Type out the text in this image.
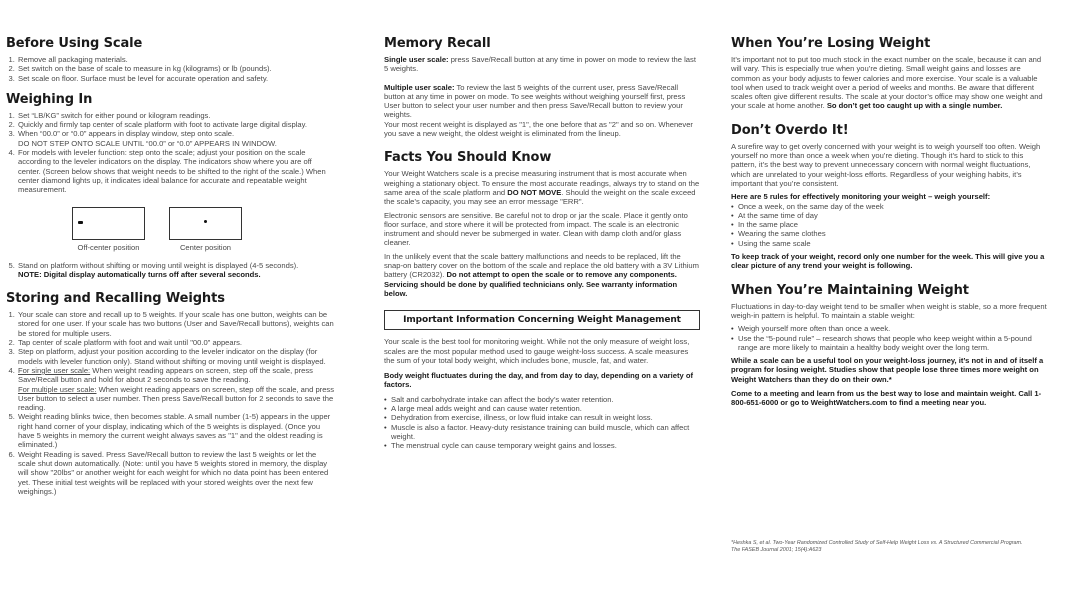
Before Using Scale
1. Remove all packaging materials.
2. Set switch on the base of scale to measure in kg (kilograms) or lb (pounds).
3. Set scale on floor. Surface must be level for accurate operation and safety.
Weighing In
1. Set “LB/KG” switch for either pound or kilogram readings.
2. Quickly and firmly tap center of scale platform with foot to activate large digital display.
3. When “00.0” or “0.0” appears in display window, step onto scale.
DO NOT STEP ONTO SCALE UNTIL “00.0” or “0.0” APPEARS IN WINDOW.
4. For models with leveler function: step onto the scale; adjust your position on the scale according to the leveler indicators on the display. The indicators show where you are off center. (Screen below shows that weight needs to be shifted to the right of the scale.) When center diamond lights up, it indicates ideal balance for accurate and repeatable weight measurement.
Off-center position	Center position
5. Stand on platform without shifting or moving until weight is displayed (4-5 seconds).
NOTE: Digital display automatically turns off after several seconds.
Storing and Recalling Weights
1. Your scale can store and recall up to 5 weights. If your scale has one button, weights can be stored for one user. If your scale has two buttons (User and Save/Recall buttons), weights can be stored for multiple users.
2. Tap center of scale platform with foot and wait until "00.0" appears.
3. Step on platform, adjust your position according to the leveler indicator on the display (for models with leveler function only). Stand without shifting or moving until weight is displayed.
4. For single user scale: When weight reading appears on screen, step off the scale, press Save/Recall button and hold for about 2 seconds to save the reading.
For multiple user scale: When weight reading appears on screen, step off the scale, and press User button to select a user number. Then press Save/Recall button for 2 seconds to save the reading.
5. Weight reading blinks twice, then becomes stable. A small number (1-5) appears in the upper right hand corner of your display, indicating which of the 5 weights is displayed. (Once you have 5 weights in memory the current weight always saves as "1" and the oldest reading is eliminated.)
6. Weight Reading is saved. Press Save/Recall button to review the last 5 weights or let the scale shut down automatically. (Note: until you have 5 weights stored in memory, the display will show "20lbs" or another weight for each weight for which no data point has been entered yet. These initial test weights will be replaced with your stored weights over the next few weighings.)
Memory Recall

Single user scale: press Save/Recall button at any time in power on mode to review the last 5 weights.

Multiple user scale: To review the last 5 weights of the current user, press Save/Recall button at any time in power on mode. To see weights without weighing yourself first, press User button to select your user number and then press Save/Recall button to review your weights.

Your most recent weight is displayed as "1", the one before that as "2" and so on. Whenever you save a new weight, the oldest weight is eliminated from the lineup.

Facts You Should Know

Your Weight Watchers scale is a precise measuring instrument that is most accurate when weighing a stationary object. To ensure the most accurate readings, always try to stand on the same area of the scale platform and DO NOT MOVE. Should the weight on the scale exceed the scale’s capacity, you may see an error message "ERR".

Electronic sensors are sensitive. Be careful not to drop or jar the scale. Place it gently onto floor surface, and store where it will be protected from impact. The scale is an electronic instrument and should never be submerged in water. Clean with damp cloth and/or glass cleaner.

In the unlikely event that the scale battery malfunctions and needs to be replaced, lift the snap-on battery cover on the bottom of the scale and replace the old battery with a 3V Lithium battery (CR2032). Do not attempt to open the scale or to remove any components. Servicing should be done by qualified technicians only. See warranty information below.

Important Information Concerning Weight Management

Your scale is the best tool for monitoring weight. While not the only measure of weight loss, scales are the most popular method used to gauge weight-loss success. A scale measures the sum of your total body weight, which includes bone, muscle, fat, and water.

Body weight fluctuates during the day, and from day to day, depending on a variety of factors.

• Salt and carbohydrate intake can affect the body’s water retention.
• A large meal adds weight and can cause water retention.
• Dehydration from exercise, illness, or low fluid intake can result in weight loss.
• Muscle is also a factor. Heavy-duty resistance training can build muscle, which can affect weight.
• The menstrual cycle can cause temporary weight gains and losses.
When You’re Losing Weight

It’s important not to put too much stock in the exact number on the scale, because it can and will vary. This is especially true when you’re dieting. Small weight gains and losses are common as your body adjusts to fewer calories and more exercise. Your scale is a valuable tool when used to track weight over a period of weeks and months. Be aware that different scales often give different results. The scale at your doctor’s office may show one weight and your scale at home another. So don’t get too caught up with a single number.

Don’t Overdo It!

A surefire way to get overly concerned with your weight is to weigh yourself too often. Weigh yourself no more than once a week when you’re dieting. Though it’s hard to stick to this pattern, it’s the best way to prevent unnecessary concern with normal weight fluctuations, which are unrelated to your weight-loss efforts. Regardless of your weighing habits, it’s important that you’re consistent.

Here are 5 rules for effectively monitoring your weight – weigh yourself:

• Once a week, on the same day of the week
• At the same time of day
• In the same place
• Wearing the same clothes
• Using the same scale

To keep track of your weight, record only one number for the week. This will give you a clear picture of any trend your weight is following.

When You’re Maintaining Weight

Fluctuations in day-to-day weight tend to be smaller when weight is stable, so a more frequent weigh-in pattern is helpful. To maintain a stable weight:

• Weigh yourself more often than once a week.
• Use the “5-pound rule” – research shows that people who keep weight within a 5-pound range are more likely to maintain a healthy body weight over the long term.

While a scale can be a useful tool on your weight-loss journey, it’s not in and of itself a program for losing weight. Studies show that people lose three times more weight on Weight Watchers than they do on their own.*

Come to a meeting and learn from us the best way to lose and maintain weight. Call 1-800-651-6000 or go to WeightWatchers.com to find a meeting near you.

*Heshka S, et al. Two-Year Randomized Controlled Study of Self-Help Weight Loss vs. A Structured Commercial Program. The FASEB Journal 2001; 15(4):A623
